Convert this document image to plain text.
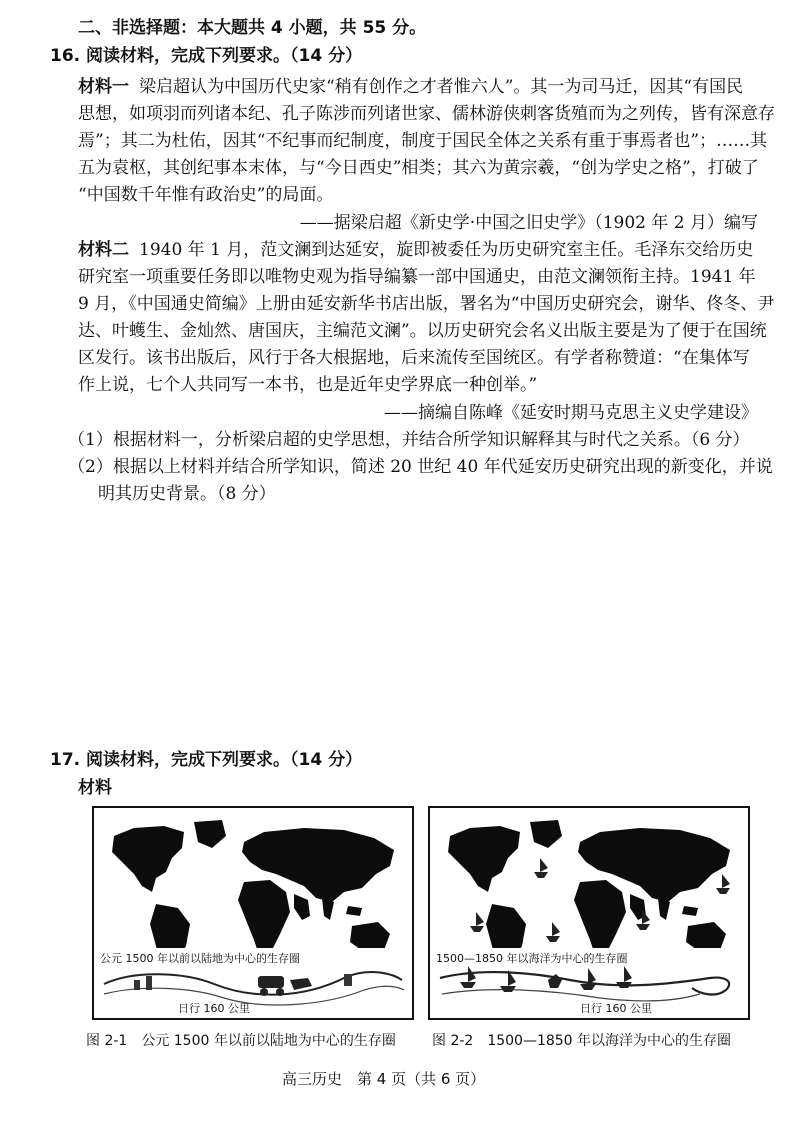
二、非选择题：本大题共 4 小题，共 55 分。
16. 阅读材料，完成下列要求。（14 分）
材料一 梁启超认为中国历代史家“稍有创作之才者惟六人”。其一为司马迁，因其“有国民
思想，如项羽而列诸本纪、孔子陈涉而列诸世家、儒林游侠刺客货殖而为之列传，皆有深意存
焉”；其二为杜佑，因其“不纪事而纪制度，制度于国民全体之关系有重于事焉者也”；……其
五为袁枢，其创纪事本末体，与“今日西史”相类；其六为黄宗羲，“创为学史之格”，打破了
“中国数千年惟有政治史”的局面。
——据梁启超《新史学·中国之旧史学》（1902 年 2 月）编写
材料二 1940 年 1 月，范文澜到达延安，旋即被委任为历史研究室主任。毛泽东交给历史
研究室一项重要任务即以唯物史观为指导编纂一部中国通史，由范文澜领衔主持。1941 年
9 月，《中国通史简编》上册由延安新华书店出版，署名为“中国历史研究会，谢华、佟冬、尹
达、叶蠖生、金灿然、唐国庆，主编范文澜”。以历史研究会名义出版主要是为了便于在国统
区发行。该书出版后，风行于各大根据地，后来流传至国统区。有学者称赞道：“在集体写
作上说，七个人共同写一本书，也是近年史学界底一种创举。”
——摘编自陈峰《延安时期马克思主义史学建设》
（1）根据材料一，分析梁启超的史学思想，并结合所学知识解释其与时代之关系。（6 分）
（2）根据以上材料并结合所学知识，简述 20 世纪 40 年代延安历史研究出现的新变化，并说
明其历史背景。（8 分）
17. 阅读材料，完成下列要求。（14 分）
材料
公元 1500 年以前以陆地为中心的生存圈
日行 160 公里
图 2-1　公元 1500 年以前以陆地为中心的生存圈
1500—1850 年以海洋为中心的生存圈
日行 160 公里
图 2-2　1500—1850 年以海洋为中心的生存圈
高三历史　第 4 页（共 6 页）
